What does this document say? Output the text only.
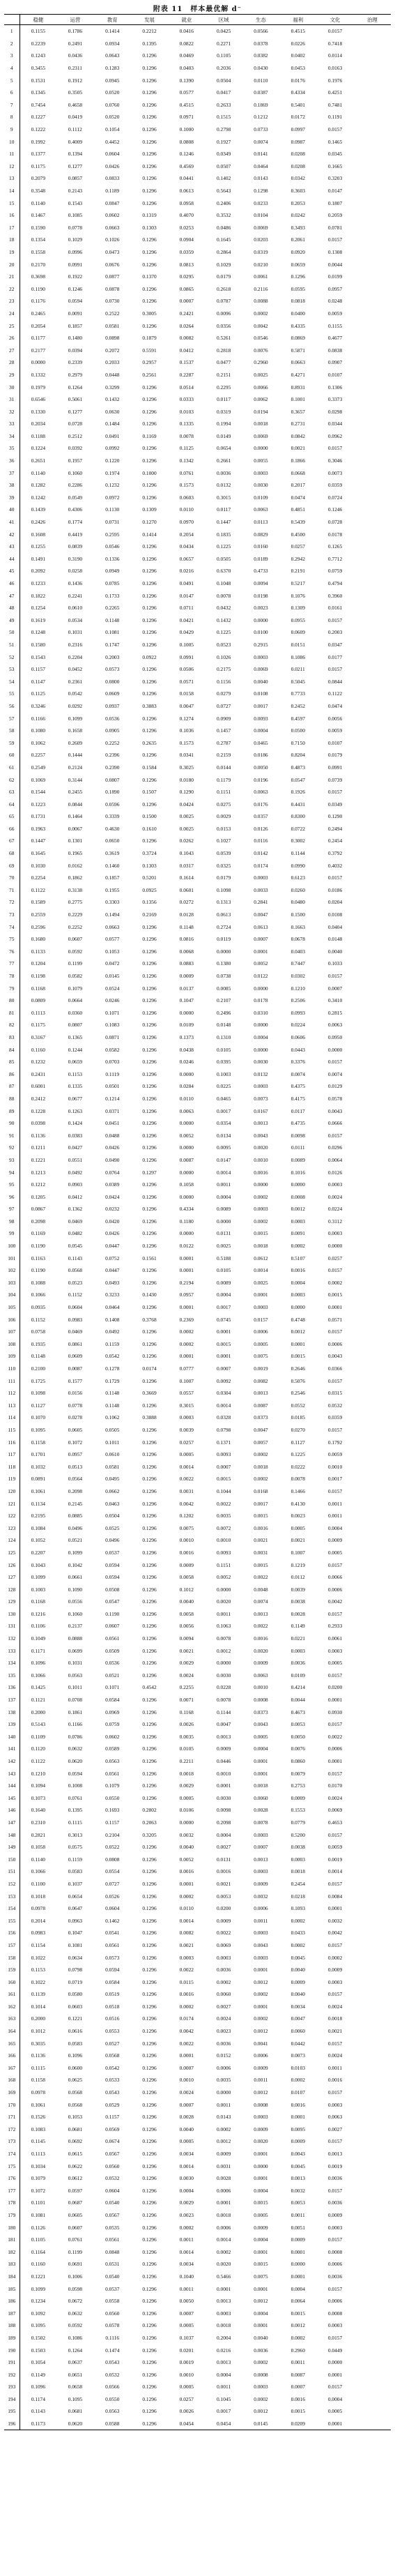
附表 11　样本最优解 d⁻
	稳健	运营	教育	发展	就业	区域	生态	福利	文化	治理
1	0.1155	0.1786	0.1414	0.2212	0.0416	0.0425	0.0566	0.4515	0.0157	
2	0.2239	0.2491	0.0934	0.1395	0.0822	0.2271	0.0378	0.0226	0.7418	
3	0.1243	0.0436	0.0643	0.1296	0.0469	0.1105	0.0382	0.0402	0.0114	
4	0.3455	0.2311	0.1283	0.1296	0.0403	0.2036	0.0430	0.0453	0.0163	
5	0.1531	0.1912	0.0945	0.1296	0.1390	0.0504	0.0110	0.0176	0.1976	
6	0.1345	0.3505	0.0520	0.1296	0.0577	0.0417	0.0387	0.4334	0.4251	
7	0.7454	0.4658	0.0760	0.1296	0.4515	0.2633	0.1869	0.5401	0.7481	
8	0.1227	0.0419	0.0520	0.1296	0.0971	0.1515	0.1212	0.0172	0.1191	
9	0.1222	0.1112	0.1054	0.1296	0.1000	0.2798	0.0733	0.0997	0.0157	
10	0.1992	0.4009	0.4452	0.1296	0.0808	0.1927	0.0074	0.0987	0.1465	
11	0.1377	0.1394	0.0604	0.1296	0.1246	0.0349	0.0141	0.0208	0.0345	
12	0.1175	0.1277	0.0426	0.1296	0.4569	0.0507	0.0464	0.0208	0.1665	
13	0.2079	0.0857	0.0833	0.1296	0.0441	0.1402	0.0143	0.0342	0.3203	
14	0.3548	0.2143	0.1189	0.1296	0.0613	0.5643	0.1298	0.3603	0.0147	
15	0.1140	0.1543	0.0847	0.1296	0.0958	0.2406	0.0233	0.2053	0.1807	
16	0.1467	0.1085	0.0602	0.1319	0.4070	0.3532	0.0104	0.0242	0.2059	
17	0.1590	0.0778	0.0663	0.1303	0.0253	0.0486	0.0069	0.3493	0.0781	
18	0.1354	0.1029	0.1026	0.1296	0.0904	0.1645	0.0203	0.2061	0.0157	
19	0.1558	0.0996	0.0473	0.1296	0.0359	0.2864	0.0319	0.0920	0.1308	
20	0.2170	0.0991	0.0676	0.1296	0.0813	0.1029	0.0210	0.0659	0.0044	
21	0.3698	0.1922	0.0877	0.1370	0.0295	0.0179	0.0061	0.1296	0.0199	
22	0.1190	0.1246	0.0878	0.1296	0.0865	0.2618	0.2116	0.0595	0.0957	
23	0.1176	0.0594	0.0730	0.1296	0.0007	0.0787	0.0088	0.0818	0.0248	
24	0.2465	0.0091	0.2522	0.3005	0.2421	0.0096	0.0002	0.0400	0.0059	
25	0.2054	0.1857	0.0581	0.1296	0.0264	0.0356	0.0042	0.4335	0.1155	
26	0.1177	0.1480	0.0898	0.1879	0.0082	0.5261	0.0546	0.0869	0.4677	
27	0.2177	0.0394	0.2072	0.5591	0.0412	0.2818	0.0076	0.5871	0.0838	
28	0.0000	0.2339	0.2033	0.2957	0.1537	0.0477	0.2960	0.0663	0.0907	
29	0.1332	0.2979	0.0448	0.2561	0.2287	0.2151	0.0025	0.4271	0.0107	
30	0.1979	0.1264	0.3299	0.1296	0.0514	0.2295	0.0066	0.8931	0.1306	
31	0.6546	0.5061	0.1432	0.1296	0.0333	0.0117	0.0062	0.1001	0.3373	
32	0.1330	0.1277	0.0630	0.1296	0.0103	0.0319	0.0194	0.3657	0.0298	
33	0.2034	0.0728	0.1484	0.1296	0.1335	0.1994	0.0018	0.2731	0.0344	
34	0.1188	0.2512	0.0491	0.1169	0.0078	0.0149	0.0069	0.0842	0.0962	
35	0.1224	0.0392	0.0992	0.1296	0.1125	0.0654	0.0000	0.0021	0.0157	
36	0.2651	0.1957	0.1220	0.1296	0.1342	0.2661	0.0055	0.1866	0.3046	
37	0.1140	0.1060	0.1974	0.1000	0.0761	0.0036	0.0003	0.0668	0.0073	
38	0.1282	0.2286	0.1232	0.1296	0.1573	0.0132	0.0030	0.2017	0.0359	
39	0.1242	0.0549	0.0972	0.1296	0.0603	0.3015	0.0109	0.0474	0.0724	
40	0.1439	0.4306	0.1130	0.1309	0.0110	0.0117	0.0063	0.4851	0.1246	
41	0.2426	0.1774	0.0731	0.1270	0.0970	0.1447	0.0113	0.5439	0.0728	
42	0.1608	0.4419	0.2595	0.1414	0.2054	0.1835	0.0829	0.4500	0.0178	
43	0.1255	0.0839	0.0546	0.1296	0.0434	0.1225	0.0160	0.0257	0.1265	
44	0.1491	0.3190	0.1336	0.1296	0.0657	0.0505	0.0189	0.2942	0.7712	
45	0.2092	0.0258	0.0949	0.1296	0.0216	0.6370	0.4733	0.2191	0.0759	
46	0.1233	0.1436	0.0785	0.1296	0.0491	0.1048	0.0094	0.5217	0.4794	
47	0.1822	0.2241	0.1733	0.1296	0.0147	0.0078	0.0198	0.1076	0.3960	
48	0.1254	0.0610	0.2265	0.1296	0.0711	0.0432	0.0023	0.1309	0.0161	
49	0.1619	0.0534	0.1148	0.1296	0.0421	0.1432	0.0000	0.0955	0.0157	
50	0.1248	0.1031	0.1081	0.1296	0.0429	0.1225	0.0100	0.0609	0.2003	
51	0.1580	0.2316	0.1747	0.1296	0.1005	0.0523	0.2915	0.0151	0.0347	
52	0.1543	0.2204	0.2003	0.0922	0.0991	0.1026	0.0003	0.1086	0.0177	
53	0.1157	0.0452	0.0573	0.1296	0.0506	0.2175	0.0069	0.0211	0.0157	
54	0.1147	0.2361	0.0800	0.1296	0.0571	0.1156	0.0040	0.5045	0.0844	
55	0.1125	0.0542	0.0609	0.1296	0.0158	0.0279	0.0108	0.7733	0.1122	
56	0.3246	0.0292	0.0937	0.3883	0.0047	0.0727	0.0017	0.2452	0.0474	
57	0.1166	0.1099	0.0536	0.1296	0.1274	0.0909	0.0093	0.4597	0.0056	
58	0.1080	0.1658	0.0905	0.1296	0.1036	0.1457	0.0004	0.0500	0.0059	
59	0.1062	0.2609	0.2252	0.2635	0.1573	0.2787	0.0465	0.7150	0.0107	
60	0.2257	0.1444	0.2396	0.1296	0.0341	0.2159	0.0186	0.8204	0.0179	
61	0.2549	0.2124	0.2390	0.1584	0.3025	0.0144	0.0050	0.4873	0.0991	
62	0.1069	0.3144	0.0807	0.1296	0.0180	0.1179	0.0196	0.0547	0.0739	
63	0.1544	0.2455	0.1890	0.1507	0.1290	0.1151	0.0063	0.1926	0.0157	
64	0.1223	0.0844	0.0596	0.1296	0.0424	0.0275	0.0176	0.4431	0.0349	
65	0.1731	0.1464	0.3339	0.1500	0.0025	0.0029	0.0357	0.8300	0.1290	
66	0.1963	0.0067	0.4630	0.1610	0.0025	0.0153	0.0126	0.0722	0.2494	
67	0.1447	0.1301	0.0650	0.1296	0.0262	0.1027	0.0116	0.3002	0.2454	
68	0.1645	0.1965	0.3619	0.3724	0.1043	0.0539	0.0142	0.1144	0.3792	
69	0.1030	0.0162	0.1460	0.1303	0.0317	0.0325	0.0174	0.0990	0.4032	
70	0.2254	0.1862	0.1857	0.5201	0.1614	0.0179	0.0003	0.6123	0.0157	
71	0.1122	0.3138	0.1955	0.0925	0.0601	0.1098	0.0033	0.0260	0.0186	
72	0.1589	0.2775	0.3303	0.1356	0.0272	0.1313	0.2841	0.0480	0.0204	
73	0.2559	0.2229	0.1494	0.2169	0.0128	0.0613	0.0047	0.1500	0.0108	
74	0.2596	0.2252	0.0663	0.1296	0.1148	0.2724	0.0613	0.1663	0.0404	
75	0.1680	0.0607	0.0577	0.1296	0.0816	0.0119	0.0007	0.0678	0.0148	
76	0.1133	0.0592	0.1053	0.1296	0.0068	0.0000	0.0001	0.0403	0.0040	
77	0.1204	0.1199	0.0472	0.1296	0.0883	0.1380	0.0052	0.7447	0.1033	
78	0.1198	0.0582	0.0145	0.1296	0.0009	0.0738	0.0122	0.0302	0.0157	
79	0.1168	0.1079	0.0524	0.1296	0.0137	0.0085	0.0000	0.1210	0.0007	
80	0.0809	0.0664	0.0246	0.1296	0.1047	0.2107	0.0178	0.2506	0.3410	
81	0.1113	0.0360	0.1071	0.1296	0.0000	0.2496	0.0310	0.0993	0.2815	
82	0.1175	0.0807	0.1083	0.1296	0.0109	0.0148	0.0000	0.0224	0.0063	
83	0.3167	0.1365	0.0871	0.1296	0.1373	0.1310	0.0004	0.0606	0.0950	
84	0.1160	0.1244	0.0582	0.1296	0.0438	0.0105	0.0000	0.0443	0.0000	
85	0.1232	0.0659	0.0703	0.1296	0.0246	0.0395	0.0030	0.3376	0.0157	
86	0.2431	0.1153	0.1119	0.1296	0.0000	0.1003	0.0132	0.0074	0.0074	
87	0.6001	0.1335	0.0501	0.1296	0.0284	0.0225	0.0003	0.4375	0.0129	
88	0.2412	0.0677	0.1214	0.1296	0.0110	0.0465	0.0073	0.4175	0.0578	
89	0.1228	0.1263	0.0371	0.1296	0.0063	0.0017	0.0167	0.0117	0.0043	
90	0.0398	0.1424	0.0451	0.1296	0.0000	0.0354	0.0013	0.4735	0.0666	
91	0.1136	0.0383	0.0488	0.1296	0.0052	0.0134	0.0043	0.0098	0.0157	
92	0.1211	0.0427	0.0426	0.1296	0.0000	0.0095	0.0020	0.0111	0.0296	
93	0.1221	0.0551	0.0490	0.1296	0.0087	0.0147	0.0010	0.0089	0.0064	
94	0.1213	0.0492	0.0764	0.1297	0.0000	0.0014	0.0016	0.1016	0.0126	
95	0.1212	0.0903	0.0389	0.1296	0.1058	0.0011	0.0000	0.0000	0.0003	
96	0.1205	0.0412	0.0424	0.1296	0.0000	0.0004	0.0002	0.0008	0.0024	
97	0.0867	0.1362	0.0232	0.1296	0.4334	0.0089	0.0003	0.0012	0.0224	
98	0.2098	0.0469	0.0420	0.1296	0.1180	0.0000	0.0002	0.0003	0.3112	
99	0.1169	0.0482	0.0426	0.1296	0.0000	0.0131	0.0015	0.0091	0.0003	
100	0.1190	0.0545	0.0447	0.1296	0.0122	0.0025	0.0018	0.0002	0.0000	
101	0.1163	0.1143	0.0752	0.1561	0.0001	0.5188	0.0612	0.5107	0.0257	
102	0.1190	0.0568	0.0447	0.1296	0.0001	0.0105	0.0014	0.0016	0.0157	
103	0.1088	0.0523	0.0493	0.1296	0.2194	0.0089	0.0025	0.0004	0.0002	
104	0.1066	0.1152	0.3233	0.1430	0.0957	0.0004	0.0001	0.0003	0.0015	
105	0.0935	0.0604	0.0464	0.1296	0.0001	0.0017	0.0003	0.0000	0.0001	
106	0.1152	0.0983	0.1408	0.3768	0.2369	0.0745	0.0157	0.4748	0.0571	
107	0.0758	0.0469	0.0492	0.1296	0.0002	0.0001	0.0006	0.0012	0.0157	
108	0.1935	0.0861	0.1159	0.1296	0.0002	0.0015	0.0005	0.0001	0.0006	
109	0.1148	0.0609	0.0542	0.1296	0.0001	0.0001	0.0075	0.0015	0.0043	
110	0.2100	0.0087	0.1278	0.0174	0.0777	0.0007	0.0019	0.2646	0.0366	
111	0.1725	0.1577	0.1729	0.1296	0.1007	0.0092	0.0082	0.5076	0.0157	
112	0.1098	0.0156	0.1148	0.3669	0.0557	0.0304	0.0013	0.2546	0.0315	
113	0.1127	0.0778	0.1148	0.1296	0.3015	0.0014	0.0087	0.0552	0.0532	
114	0.1070	0.0278	0.1062	0.3888	0.0003	0.0328	0.0373	0.0185	0.0359	
115	0.1095	0.0605	0.0505	0.1296	0.0039	0.0798	0.0047	0.0270	0.0157	
116	0.1158	0.1072	0.1011	0.1296	0.0257	0.1371	0.0057	0.1127	0.1792	
117	0.1701	0.0957	0.0610	0.1296	0.0005	0.0093	0.0002	0.1225	0.0059	
118	0.1032	0.0513	0.0581	0.1296	0.0014	0.0007	0.0018	0.0222	0.0010	
119	0.0891	0.0564	0.0495	0.1296	0.0022	0.0015	0.0002	0.0078	0.0017	
120	0.1061	0.2098	0.0662	0.1296	0.0031	0.1044	0.0168	0.1466	0.0157	
121	0.1134	0.2145	0.0463	0.1296	0.0042	0.0022	0.0017	0.4130	0.0011	
122	0.2195	0.0885	0.0504	0.1296	0.1202	0.0035	0.0015	0.0023	0.0011	
123	0.1084	0.0496	0.0525	0.1296	0.0075	0.0072	0.0016	0.0005	0.0004	
124	0.1052	0.0521	0.0496	0.1296	0.0010	0.0010	0.0021	0.0021	0.0009	
125	0.2207	0.1099	0.0537	0.1296	0.0016	0.0093	0.0031	0.1007	0.0005	
126	0.1043	0.1042	0.0594	0.1296	0.0009	0.1151	0.0015	0.1219	0.0157	
127	0.1099	0.0661	0.0594	0.1296	0.0058	0.0052	0.0022	0.0112	0.0066	
128	0.1003	0.1090	0.0508	0.1296	0.1012	0.0000	0.0048	0.0039	0.0006	
129	0.1168	0.0556	0.0547	0.1296	0.0040	0.0020	0.0074	0.0038	0.0042	
130	0.1216	0.1060	0.1190	0.1296	0.0058	0.0011	0.0013	0.0028	0.0157	
131	0.1106	0.2137	0.0607	0.1296	0.0056	0.1063	0.0022	0.1149	0.2933	
132	0.1049	0.0888	0.0561	0.1296	0.0094	0.0078	0.0016	0.0221	0.0061	
133	0.1171	0.0699	0.0509	0.1296	0.0021	0.0012	0.0020	0.0003	0.0003	
134	0.1096	0.1031	0.0536	0.1296	0.0029	0.0000	0.0009	0.0036	0.0005	
135	0.1066	0.0563	0.0521	0.1296	0.0024	0.0030	0.0063	0.0109	0.0157	
136	0.1425	0.1011	0.1071	0.4542	0.2255	0.0228	0.0010	0.4214	0.0200	
137	0.1121	0.0708	0.0584	0.1296	0.0071	0.0078	0.0008	0.0044	0.0001	
138	0.2000	0.1861	0.0969	0.1296	0.1168	0.1144	0.0373	0.4673	0.0930	
139	0.5143	0.1166	0.0759	0.1296	0.0026	0.0047	0.0043	0.0053	0.0157	
140	0.1109	0.0786	0.0602	0.1296	0.0035	0.0013	0.0005	0.0050	0.0022	
141	0.1120	0.0632	0.0589	0.1296	0.0105	0.0009	0.0004	0.0076	0.0006	
142	0.1122	0.0620	0.0563	0.1296	0.2211	0.0446	0.0001	0.0860	0.0001	
143	0.1210	0.0594	0.0561	0.1296	0.0018	0.0010	0.0001	0.0079	0.0157	
144	0.1094	0.1008	0.1079	0.1296	0.0029	0.0001	0.0018	0.2753	0.0170	
145	0.1073	0.0761	0.0550	0.1296	0.0005	0.0030	0.0060	0.0009	0.0024	
146	0.1640	0.1395	0.1693	0.2802	0.0106	0.0098	0.0028	0.1553	0.0069	
147	0.2310	0.1115	0.1157	0.2063	0.0000	0.2098	0.0078	0.0779	0.4653	
148	0.2821	0.3013	0.2104	0.3205	0.0032	0.0004	0.0003	0.5200	0.0157	
149	0.1058	0.0575	0.0522	0.1296	0.0040	0.0027	0.0007	0.0038	0.0059	
150	0.1140	0.1159	0.0808	0.1296	0.0052	0.0131	0.0013	0.0003	0.0019	
151	0.1066	0.0583	0.0554	0.1296	0.0016	0.0016	0.0003	0.0018	0.0014	
152	0.1100	0.1037	0.0727	0.1296	0.0001	0.0021	0.0009	0.2454	0.0157	
153	0.1018	0.0654	0.0526	0.1296	0.0002	0.0053	0.0032	0.0218	0.0084	
154	0.0978	0.0647	0.0604	0.1296	0.0110	0.0200	0.0006	0.1093	0.0001	
155	0.2014	0.0963	0.1462	0.1296	0.0014	0.0009	0.0011	0.0002	0.0032	
156	0.0983	0.1047	0.0541	0.1296	0.0082	0.0022	0.0003	0.0433	0.0042	
157	0.1154	0.1081	0.0561	0.1296	0.0021	0.0069	0.0043	0.0002	0.0157	
158	0.1022	0.0634	0.0573	0.1296	0.0003	0.0003	0.0003	0.0045	0.0002	
159	0.1153	0.0798	0.0594	0.1296	0.0022	0.0036	0.0001	0.0040	0.0009	
160	0.1022	0.0719	0.0584	0.1296	0.0115	0.0002	0.0012	0.0009	0.0003	
161	0.1139	0.0580	0.0519	0.1296	0.0016	0.0060	0.0002	0.0040	0.0157	
162	0.1014	0.0603	0.0518	0.1296	0.0002	0.0027	0.0001	0.0034	0.0024	
163	0.2000	0.1221	0.0516	0.1296	0.0174	0.0024	0.0002	0.0047	0.0018	
164	0.1012	0.0616	0.0553	0.1296	0.0042	0.0023	0.0012	0.0060	0.0021	
165	0.3035	0.0583	0.0527	0.1296	0.0022	0.0036	0.0041	0.0442	0.0157	
166	0.1136	0.1096	0.0568	0.1296	0.0001	0.0152	0.0006	0.0073	0.0024	
167	0.1115	0.0600	0.0542	0.1296	0.0007	0.0006	0.0009	0.0103	0.0011	
168	0.1158	0.0625	0.0533	0.1296	0.0010	0.0035	0.0011	0.0002	0.0016	
169	0.0978	0.0568	0.0543	0.1296	0.0024	0.0000	0.0012	0.0107	0.0157	
170	0.1061	0.0568	0.0529	0.1296	0.0007	0.0011	0.0008	0.0016	0.0003	
171	0.1526	0.1053	0.1157	0.1296	0.0028	0.0143	0.0003	0.0001	0.0063	
172	0.1083	0.0681	0.0569	0.1296	0.0040	0.0002	0.0009	0.0095	0.0027	
173	0.1145	0.0692	0.0674	0.1296	0.0005	0.0012	0.0020	0.0009	0.0157	
174	0.1113	0.0615	0.0567	0.1296	0.0034	0.0009	0.0001	0.0043	0.0013	
175	0.1034	0.0622	0.0560	0.1296	0.0014	0.0031	0.0000	0.0045	0.0019	
176	0.1079	0.0612	0.0532	0.1296	0.0030	0.0028	0.0001	0.0013	0.0036	
177	0.1072	0.0597	0.0604	0.1296	0.0004	0.0006	0.0004	0.0032	0.0157	
178	0.1101	0.0687	0.0540	0.1296	0.0029	0.0001	0.0015	0.0053	0.0036	
179	0.1081	0.0605	0.0567	0.1296	0.0023	0.0018	0.0005	0.0011	0.0009	
180	0.1126	0.0607	0.0535	0.1296	0.0002	0.0006	0.0009	0.0051	0.0003	
181	0.1105	0.0761	0.0561	0.1296	0.0011	0.0014	0.0004	0.0009	0.0157	
182	0.1164	0.1199	0.0848	0.1296	0.0014	0.0002	0.0001	0.0001	0.0008	
183	0.1160	0.0691	0.0531	0.1296	0.0034	0.0020	0.0015	0.0000	0.0006	
184	0.1221	0.1006	0.0540	0.1296	0.1040	0.5466	0.0075	0.0001	0.0036	
185	0.1099	0.0598	0.0537	0.1296	0.0011	0.0001	0.0001	0.0004	0.0157	
186	0.1234	0.0672	0.0558	0.1296	0.0050	0.0013	0.0012	0.0064	0.0006	
187	0.1092	0.0632	0.0560	0.1296	0.0007	0.0003	0.0004	0.0015	0.0008	
188	0.1095	0.0592	0.0578	0.1296	0.0005	0.0018	0.0001	0.0012	0.0003	
189	0.1502	0.1086	0.1116	0.1296	0.1037	0.2004	0.0040	0.0002	0.0157	
190	0.1503	0.1264	0.1474	0.1296	0.0201	0.0216	0.0036	0.2960	0.0449	
191	0.1054	0.0637	0.0543	0.1296	0.0019	0.0013	0.0002	0.0011	0.0000	
192	0.1149	0.0651	0.0532	0.1296	0.0010	0.0004	0.0008	0.0087	0.0001	
193	0.1096	0.0658	0.0566	0.1296	0.0005	0.0011	0.0003	0.0007	0.0157	
194	0.1174	0.1095	0.0550	0.1296	0.0257	0.1045	0.0002	0.0016	0.0004	
195	0.1143	0.0681	0.0563	0.1296	0.0026	0.0017	0.0012	0.0015	0.0005	
196	0.1173	0.0620	0.0588	0.1296	0.0454	0.0454	0.0145	0.0209	0.0001	
